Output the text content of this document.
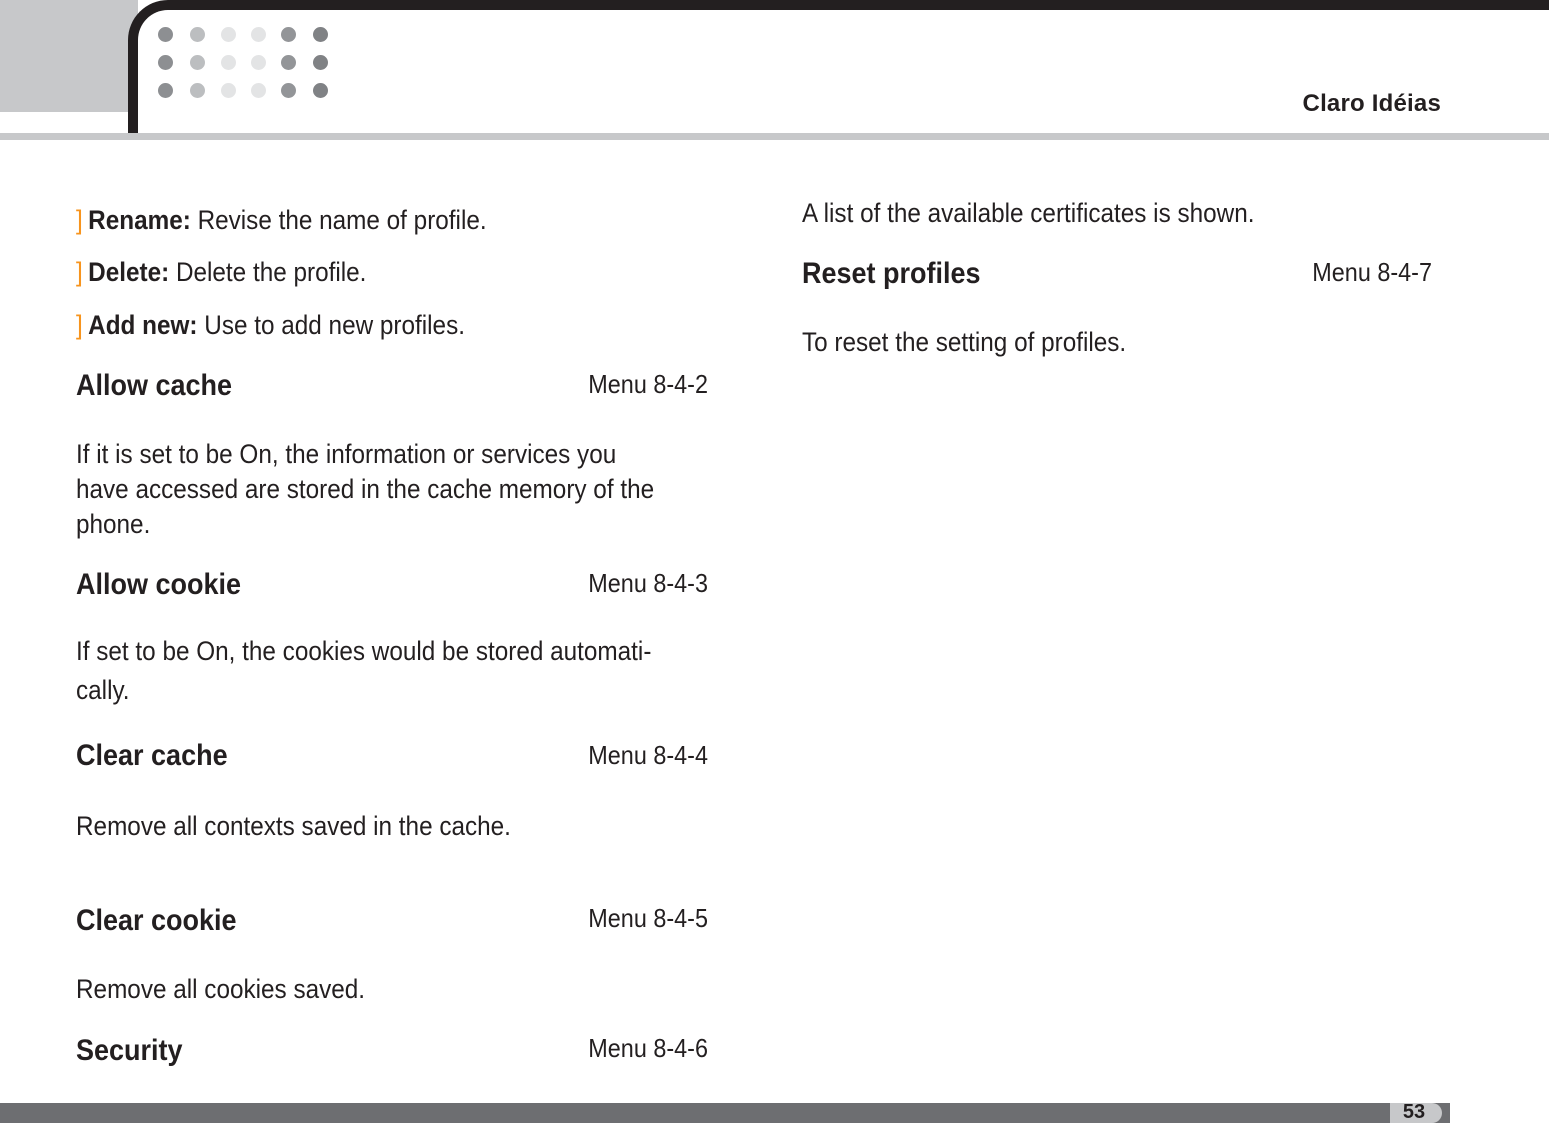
Claro Idéias
] Rename: Revise the name of profile.
] Delete: Delete the profile.
] Add new: Use to add new profiles.
Allow cache	Menu 8-4-2
If it is set to be On, the information or services you
have accessed are stored in the cache memory of the
phone.
Allow cookie	Menu 8-4-3
If set to be On, the cookies would be stored automati-
cally.
Clear cache	Menu 8-4-4
Remove all contexts saved in the cache.
Clear cookie	Menu 8-4-5
Remove all cookies saved.
Security	Menu 8-4-6
A list of the available certificates is shown.
Reset profiles	Menu 8-4-7
To reset the setting of profiles.
53
